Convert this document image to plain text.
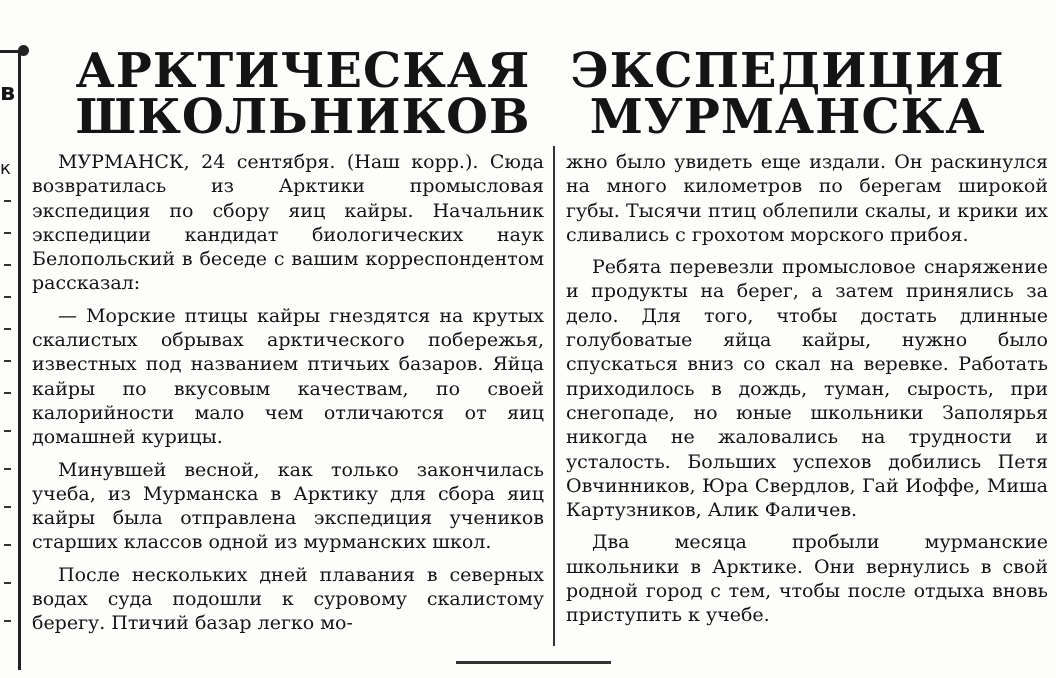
в
к
АРКТИЧЕСКАЯ
ШКОЛЬНИКОВ
ЭКСПЕДИЦИЯ
МУРМАНСКА

МУРМАНСК, 24 сентября. (Наш корр.). Сюда возвратилась из Арктики промысловая экспедиция по сбору яиц кайры. Начальник экспедиции кандидат биологических наук Белопольский в беседе с вашим корреспондентом рассказал:

— Морские птицы кайры гнездятся на крутых скалистых обрывах арктического побережья, известных под названием птичьих базаров. Яйца кайры по вкусовым качествам, по своей калорийности мало чем отличаются от яиц домашней курицы.

Минувшей весной, как только закончилась учеба, из Мурманска в Арктику для сбора яиц кайры была отправлена экспедиция учеников старших классов одной из мурманских школ.

После нескольких дней плавания в северных водах суда подошли к суровому скалистому берегу. Птичий базар легко мо-

жно было увидеть еще издали. Он раскинулся на много километров по берегам широкой губы. Тысячи птиц облепили скалы, и крики их сливались с грохотом морского прибоя.

Ребята перевезли промысловое снаряжение и продукты на берег, а затем принялись за дело. Для того, чтобы достать длинные голубоватые яйца кайры, нужно было спускаться вниз со скал на веревке. Работать приходилось в дождь, туман, сырость, при снегопаде, но юные школьники Заполярья никогда не жаловались на трудности и усталость. Больших успехов добились Петя Овчинников, Юра Свердлов, Гай Иоффе, Миша Картузников, Алик Фаличев.

Два месяца пробыли мурманские школьники в Арктике. Они вернулись в свой родной город с тем, чтобы после отдыха вновь приступить к учебе.
